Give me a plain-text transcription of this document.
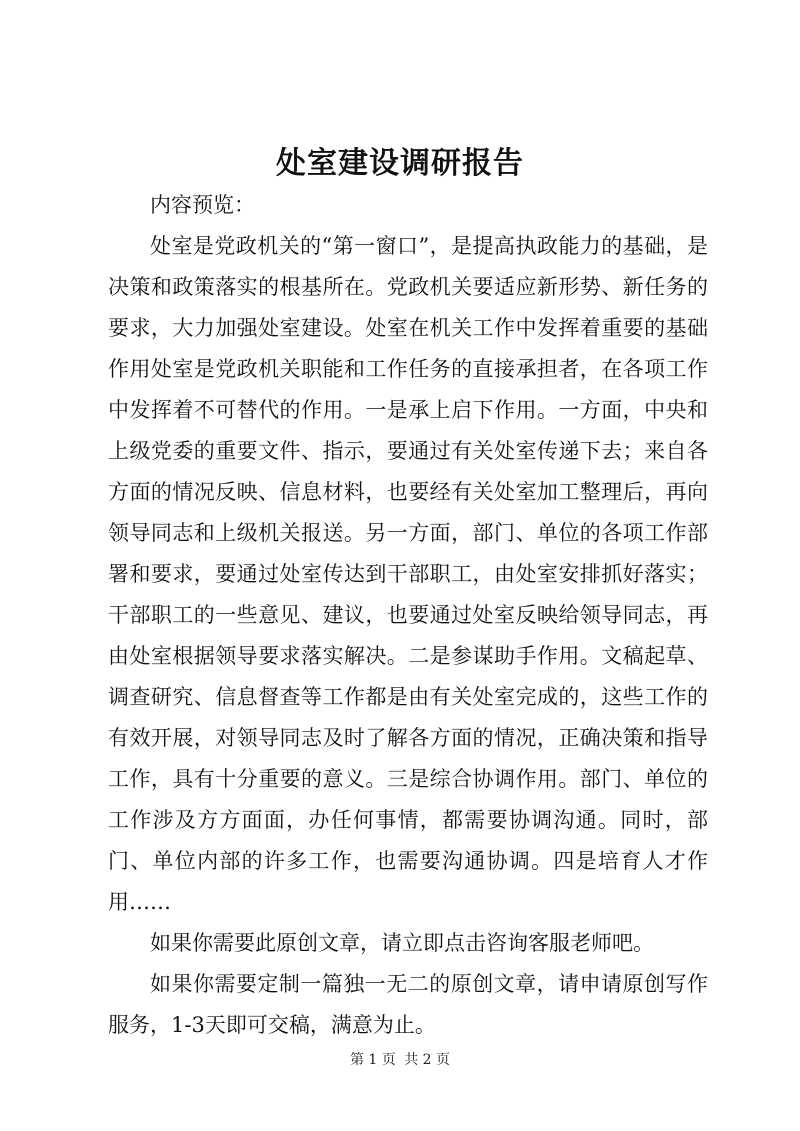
处室建设调研报告

内容预览：

处室是党政机关的“第一窗口”，是提高执政能力的基础，是决策和政策落实的根基所在。党政机关要适应新形势、新任务的要求，大力加强处室建设。处室在机关工作中发挥着重要的基础作用处室是党政机关职能和工作任务的直接承担者，在各项工作中发挥着不可替代的作用。一是承上启下作用。一方面，中央和上级党委的重要文件、指示，要通过有关处室传递下去；来自各方面的情况反映、信息材料，也要经有关处室加工整理后，再向领导同志和上级机关报送。另一方面，部门、单位的各项工作部署和要求，要通过处室传达到干部职工，由处室安排抓好落实；干部职工的一些意见、建议，也要通过处室反映给领导同志，再由处室根据领导要求落实解决。二是参谋助手作用。文稿起草、调查研究、信息督查等工作都是由有关处室完成的，这些工作的有效开展，对领导同志及时了解各方面的情况，正确决策和指导工作，具有十分重要的意义。三是综合协调作用。部门、单位的工作涉及方方面面，办任何事情，都需要协调沟通。同时，部门、单位内部的许多工作，也需要沟通协调。四是培育人才作用……

如果你需要此原创文章，请立即点击咨询客服老师吧。

如果你需要定制一篇独一无二的原创文章，请申请原创写作服务，1-3天即可交稿，满意为止。

第 1 页 共 2 页
